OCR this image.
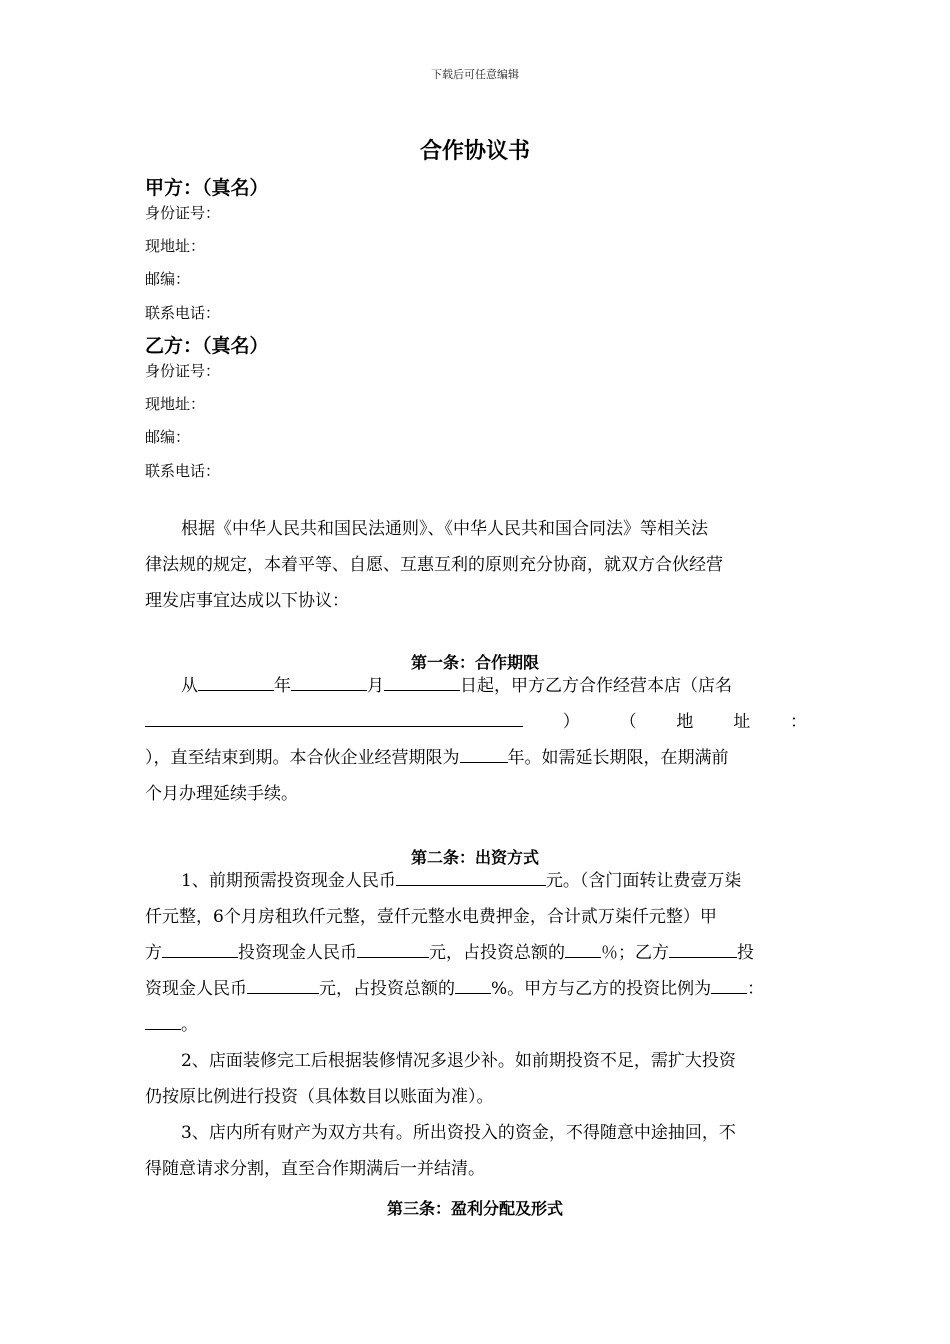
下载后可任意编辑
合作协议书
甲方：（真名）
身份证号：
现地址：
邮编：
联系电话：
乙方：（真名）
身份证号：
现地址：
邮编：
联系电话：
根据《中华人民共和国民法通则》、《中华人民共和国合同法》等相关法
律法规的规定，本着平等、自愿、互惠互利的原则充分协商，就双方合伙经营
理发店事宜达成以下协议：
第一条：合作期限
从	年	月	日起，甲方乙方合作经营本店（店名
） （ 地 址 ：
），直至结束到期。本合伙企业经营期限为	年。如需延长期限，在期满前
个月办理延续手续。
第二条：出资方式
1、前期预需投资现金人民币	元。（含门面转让费壹万柒
仟元整，6个月房租玖仟元整，壹仟元整水电费押金，合计贰万柒仟元整）甲
方	投资现金人民币	元，占投资总额的 ％；乙方	投
资现金人民币	元，占投资总额的 %。甲方与乙方的投资比例为 ：
。
2、店面装修完工后根据装修情况多退少补。如前期投资不足，需扩大投资
仍按原比例进行投资（具体数目以账面为准）。
3、店内所有财产为双方共有。所出资投入的资金，不得随意中途抽回，不
得随意请求分割，直至合作期满后一并结清。
第三条：盈利分配及形式
